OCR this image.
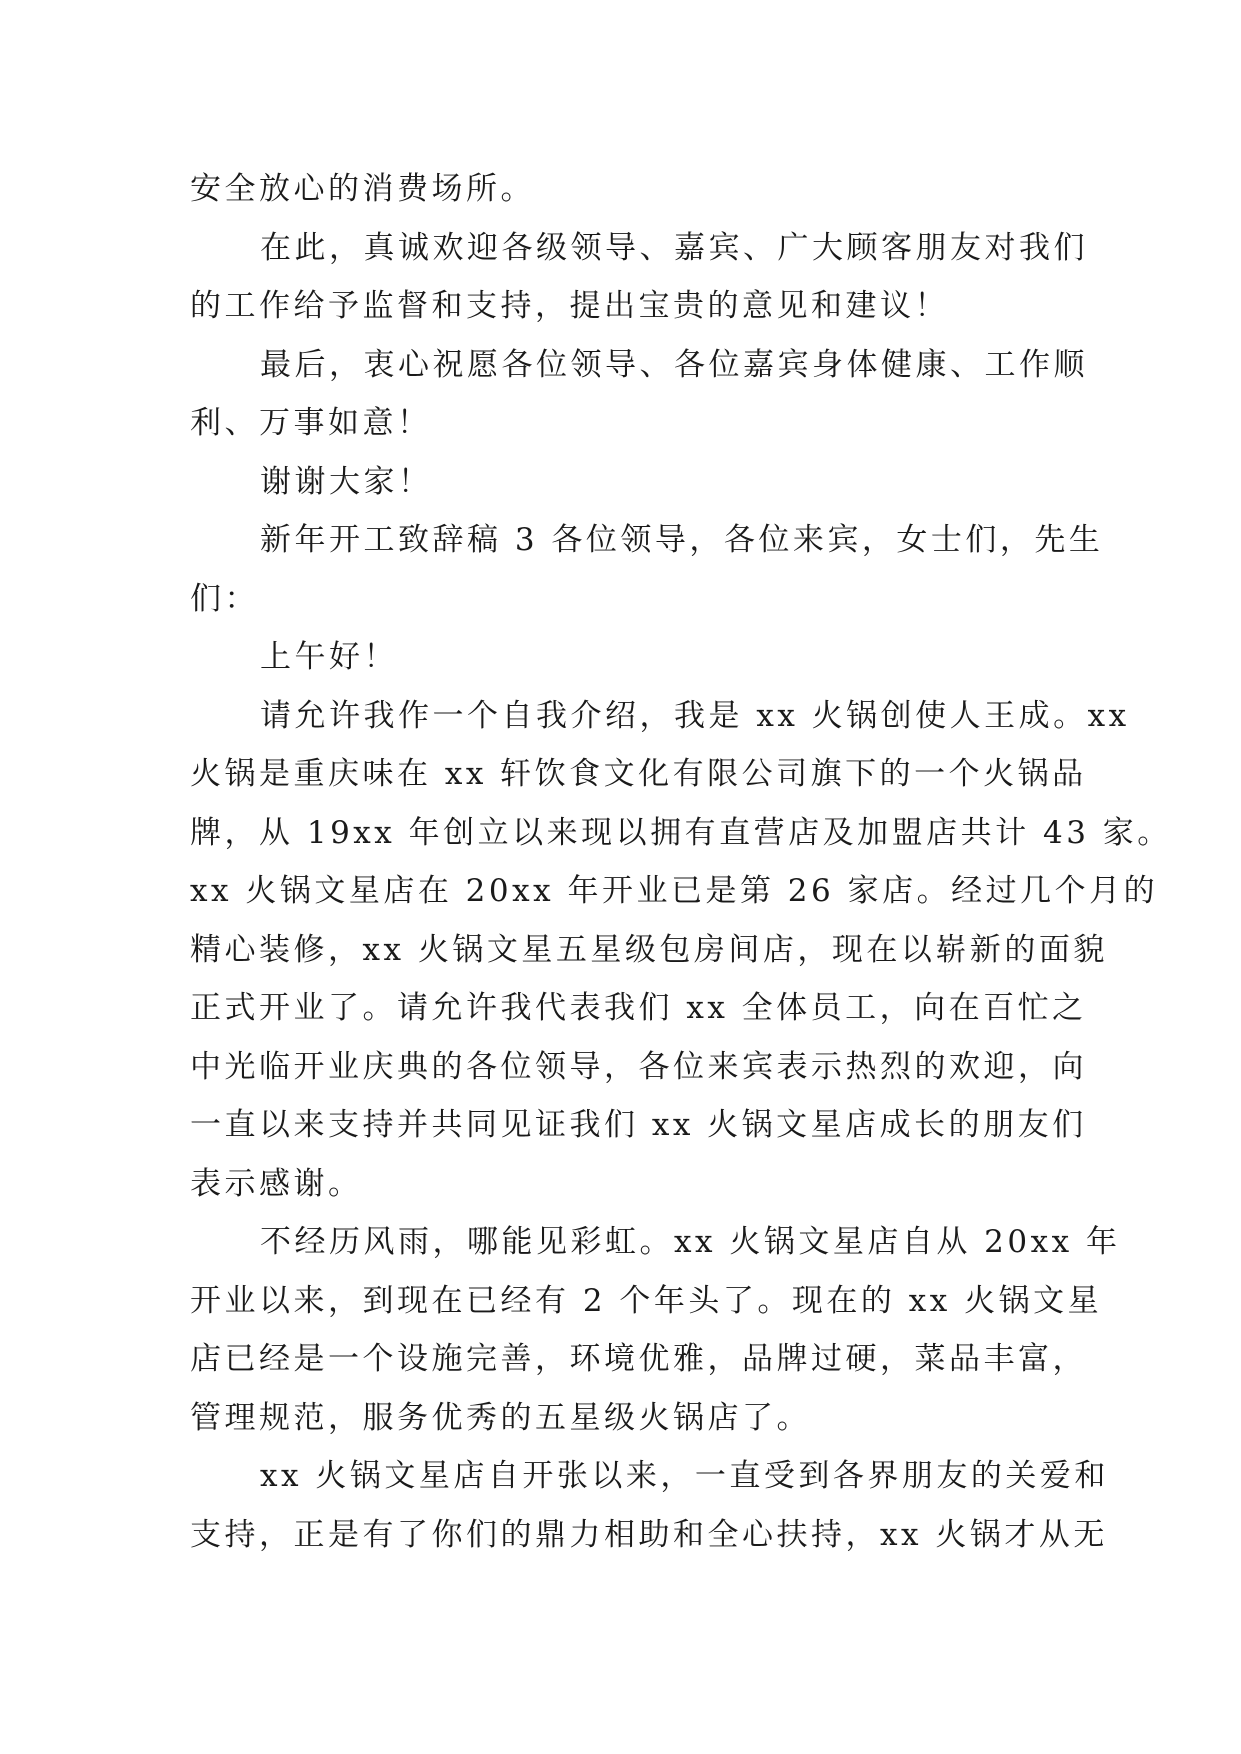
安全放心的消费场所。
在此，真诚欢迎各级领导、嘉宾、广大顾客朋友对我们
的工作给予监督和支持，提出宝贵的意见和建议！
最后，衷心祝愿各位领导、各位嘉宾身体健康、工作顺
利、万事如意！
谢谢大家！
新年开工致辞稿 3 各位领导，各位来宾，女士们，先生
们：
上午好！
请允许我作一个自我介绍，我是 xx 火锅创使人王成。xx
火锅是重庆味在 xx 轩饮食文化有限公司旗下的一个火锅品
牌，从 19xx 年创立以来现以拥有直营店及加盟店共计 43 家。
xx 火锅文星店在 20xx 年开业已是第 26 家店。经过几个月的
精心装修，xx 火锅文星五星级包房间店，现在以崭新的面貌
正式开业了。请允许我代表我们 xx 全体员工，向在百忙之
中光临开业庆典的各位领导，各位来宾表示热烈的欢迎，向
一直以来支持并共同见证我们 xx 火锅文星店成长的朋友们
表示感谢。
不经历风雨，哪能见彩虹。xx 火锅文星店自从 20xx 年
开业以来，到现在已经有 2 个年头了。现在的 xx 火锅文星
店已经是一个设施完善，环境优雅，品牌过硬，菜品丰富，
管理规范，服务优秀的五星级火锅店了。
xx 火锅文星店自开张以来，一直受到各界朋友的关爱和
支持，正是有了你们的鼎力相助和全心扶持，xx 火锅才从无
